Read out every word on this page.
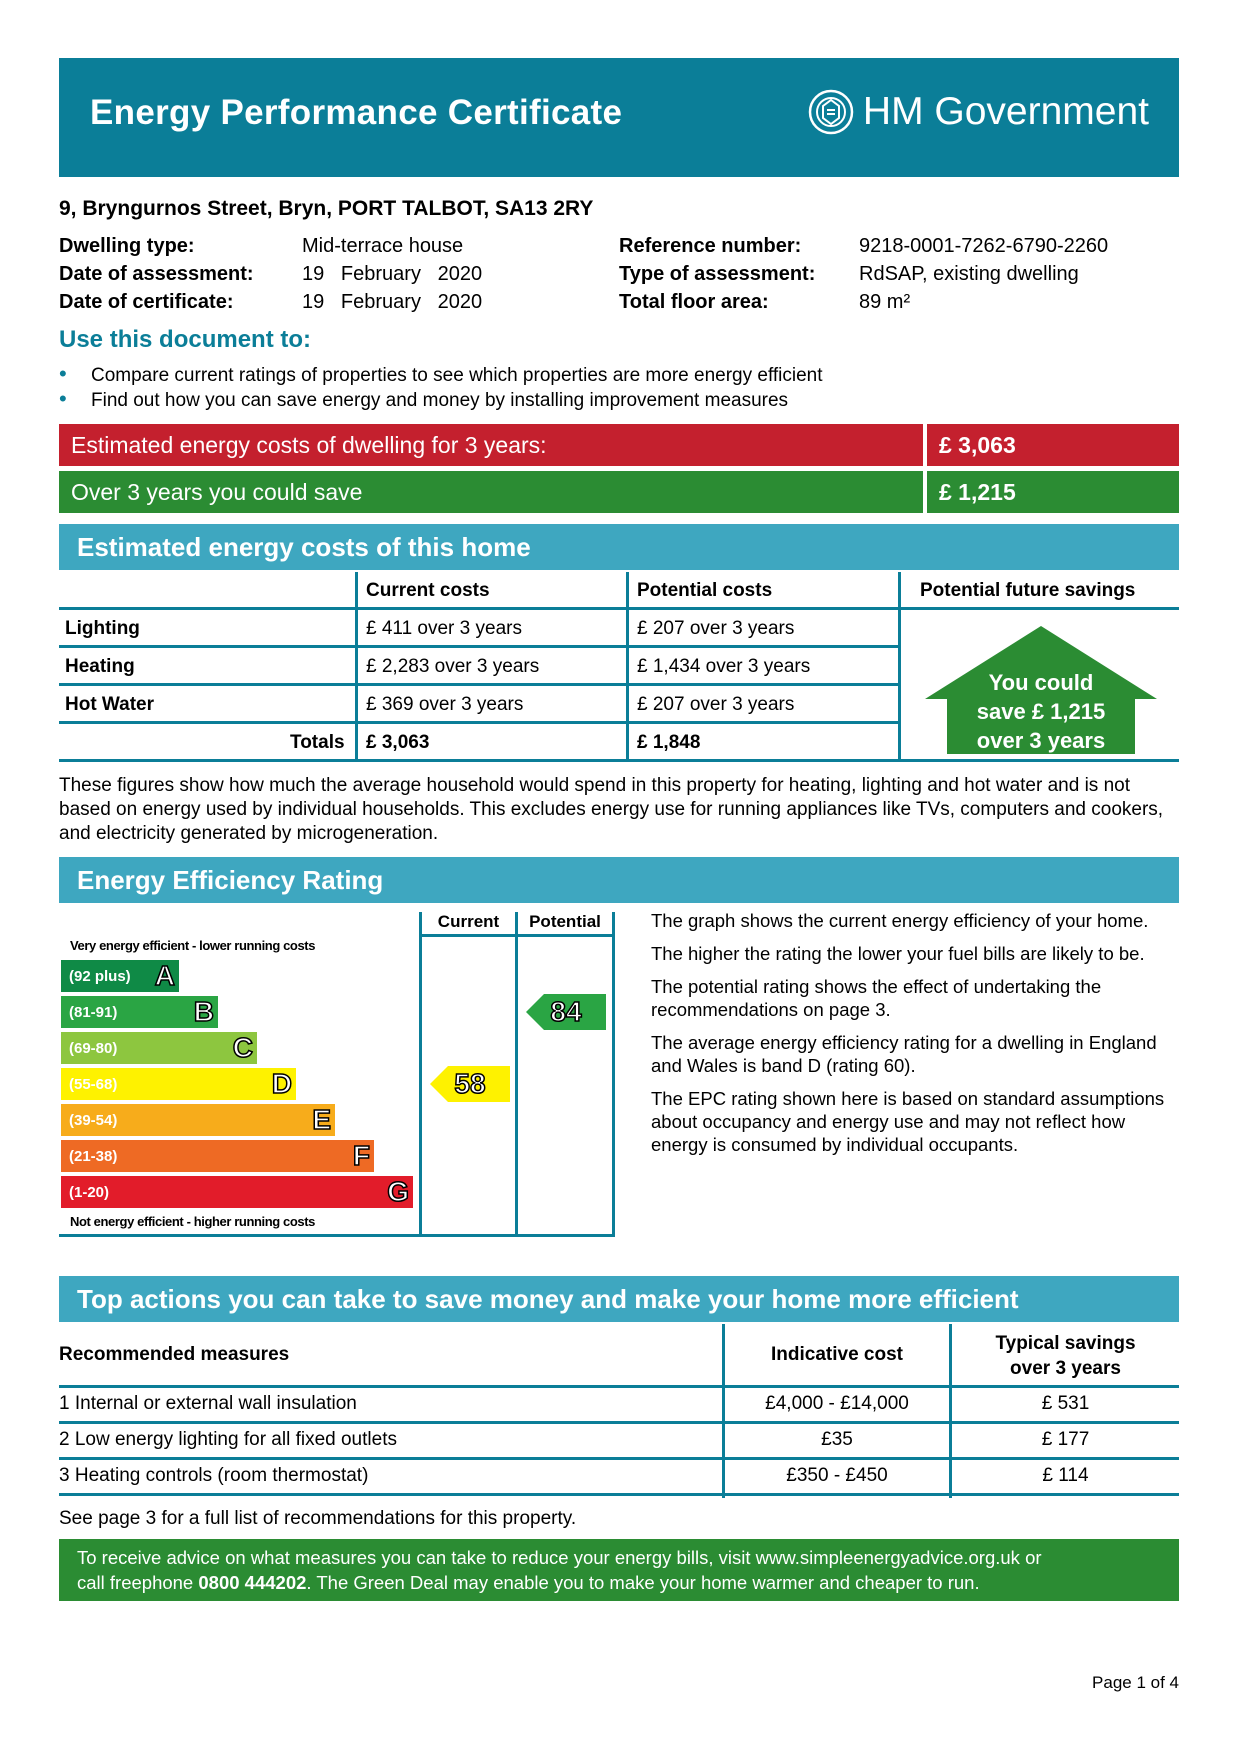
Energy Performance Certificate	HM Government
9, Bryngurnos Street, Bryn, PORT TALBOT, SA13 2RY
Dwelling type:	Mid-terrace house
Date of assessment: 19   February   2020
Date of certificate:	19   February   2020
Reference number:	9218-0001-7262-6790-2260
Type of assessment: RdSAP, existing dwelling
Total floor area:	89 m²
Use this document to:
• Compare current ratings of properties to see which properties are more energy efficient
• Find out how you can save energy and money by installing improvement measures
Estimated energy costs of dwelling for 3 years:	£ 3,063
Over 3 years you could save	£ 1,215
Estimated energy costs of this home
Current costs	Potential costs	Potential future savings
Lighting	£ 411 over 3 years	£ 207 over 3 years
Heating	£ 2,283 over 3 years	£ 1,434 over 3 years
Hot Water	£ 369 over 3 years	£ 207 over 3 years
Totals £ 3,063	£ 1,848
You could
save £ 1,215
over 3 years
These figures show how much the average household would spend in this property for heating, lighting and hot water and is not based on energy used by individual households. This excludes energy use for running appliances like TVs, computers and cookers, and electricity generated by microgeneration.
Energy Efficiency Rating
Very energy efficient - lower running costs
Not energy efficient - higher running costs
(92 plus) A
(81-91)	B
(69-80)	C
(55-68)	D
(39-54)	E
(21-38)	F
(1-20)	G
Current	Potential
58
84

The graph shows the current energy efficiency of your home.

The higher the rating the lower your fuel bills are likely to be.

The potential rating shows the effect of undertaking the recommendations on page 3.

The average energy efficiency rating for a dwelling in England and Wales is band D (rating 60).

The EPC rating shown here is based on standard assumptions about occupancy and energy use and may not reflect how energy is consumed by individual occupants.

Top actions you can take to save money and make your home more efficient
Recommended measures	Indicative cost
Typical savings
over 3 years
1 Internal or external wall insulation	£4,000 - £14,000	£ 531
2 Low energy lighting for all fixed outlets	£35	£ 177
3 Heating controls (room thermostat)	£350 - £450	£ 114
See page 3 for a full list of recommendations for this property.
To receive advice on what measures you can take to reduce your energy bills, visit www.simpleenergyadvice.org.uk or
call freephone 0800 444202. The Green Deal may enable you to make your home warmer and cheaper to run.
Page 1 of 4
